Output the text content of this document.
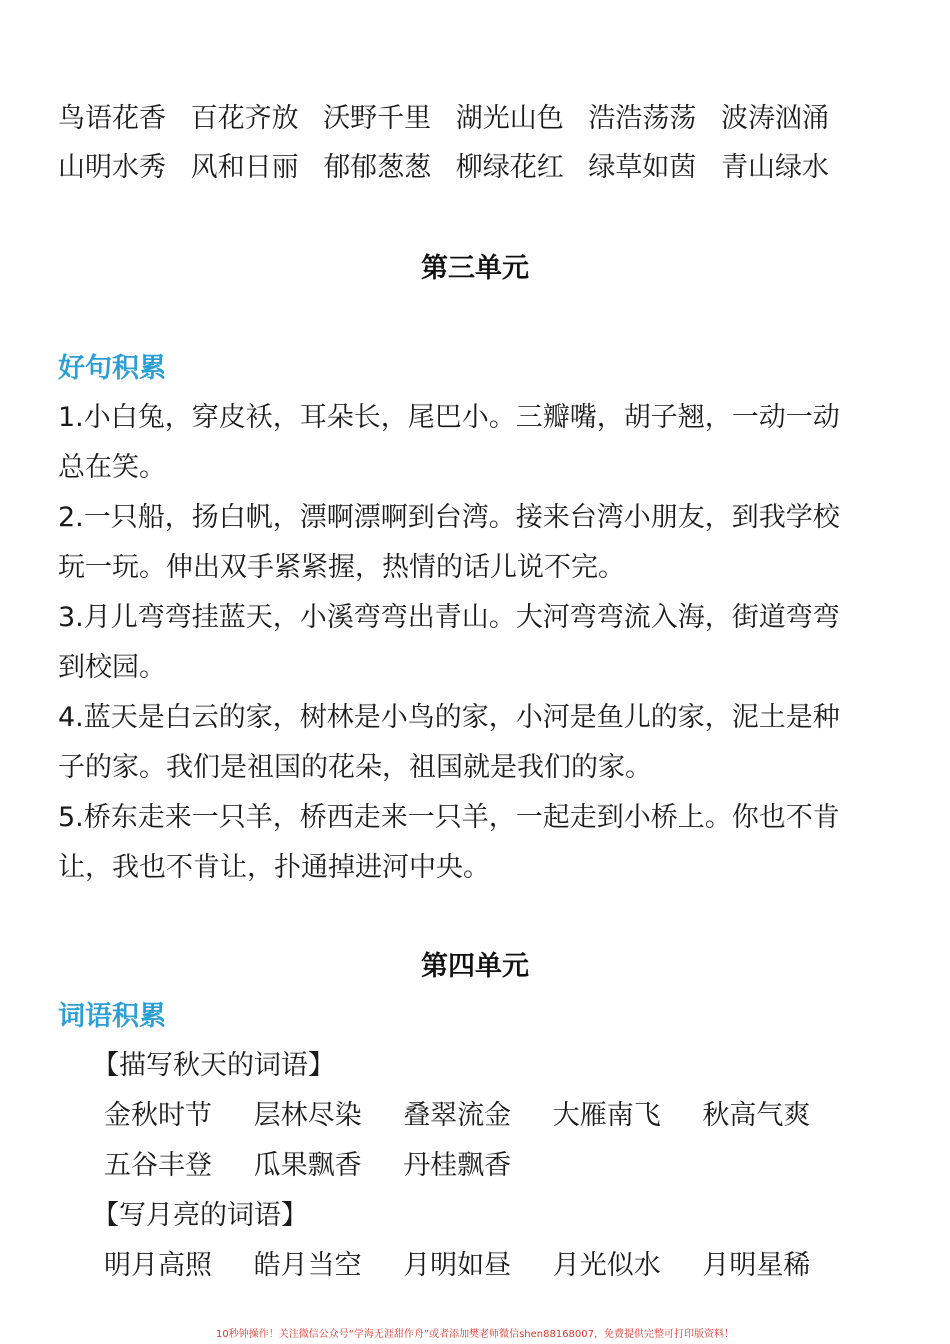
鸟语花香 百花齐放 沃野千里 湖光山色 浩浩荡荡 波涛汹涌
山明水秀 风和日丽 郁郁葱葱 柳绿花红 绿草如茵 青山绿水
第三单元
好句积累
1.小白兔，穿皮袄，耳朵长，尾巴小。三瓣嘴，胡子翘，一动一动
总在笑。
2.一只船，扬白帆，漂啊漂啊到台湾。接来台湾小朋友，到我学校
玩一玩。伸出双手紧紧握，热情的话儿说不完。
3.月儿弯弯挂蓝天，小溪弯弯出青山。大河弯弯流入海，街道弯弯
到校园。
4.蓝天是白云的家，树林是小鸟的家，小河是鱼儿的家，泥土是种
子的家。我们是祖国的花朵，祖国就是我们的家。
5.桥东走来一只羊，桥西走来一只羊，一起走到小桥上。你也不肯
让，我也不肯让，扑通掉进河中央。
第四单元
词语积累
【描写秋天的词语】
金秋时节 层林尽染 叠翠流金 大雁南飞 秋高气爽
五谷丰登 瓜果飘香 丹桂飘香
【写月亮的词语】
明月高照 皓月当空 月明如昼 月光似水 月明星稀
10秒钟操作！关注微信公众号“学海无涯甜作舟”或者添加樊老师微信shen88168007，免费提供完整可打印版资料！
